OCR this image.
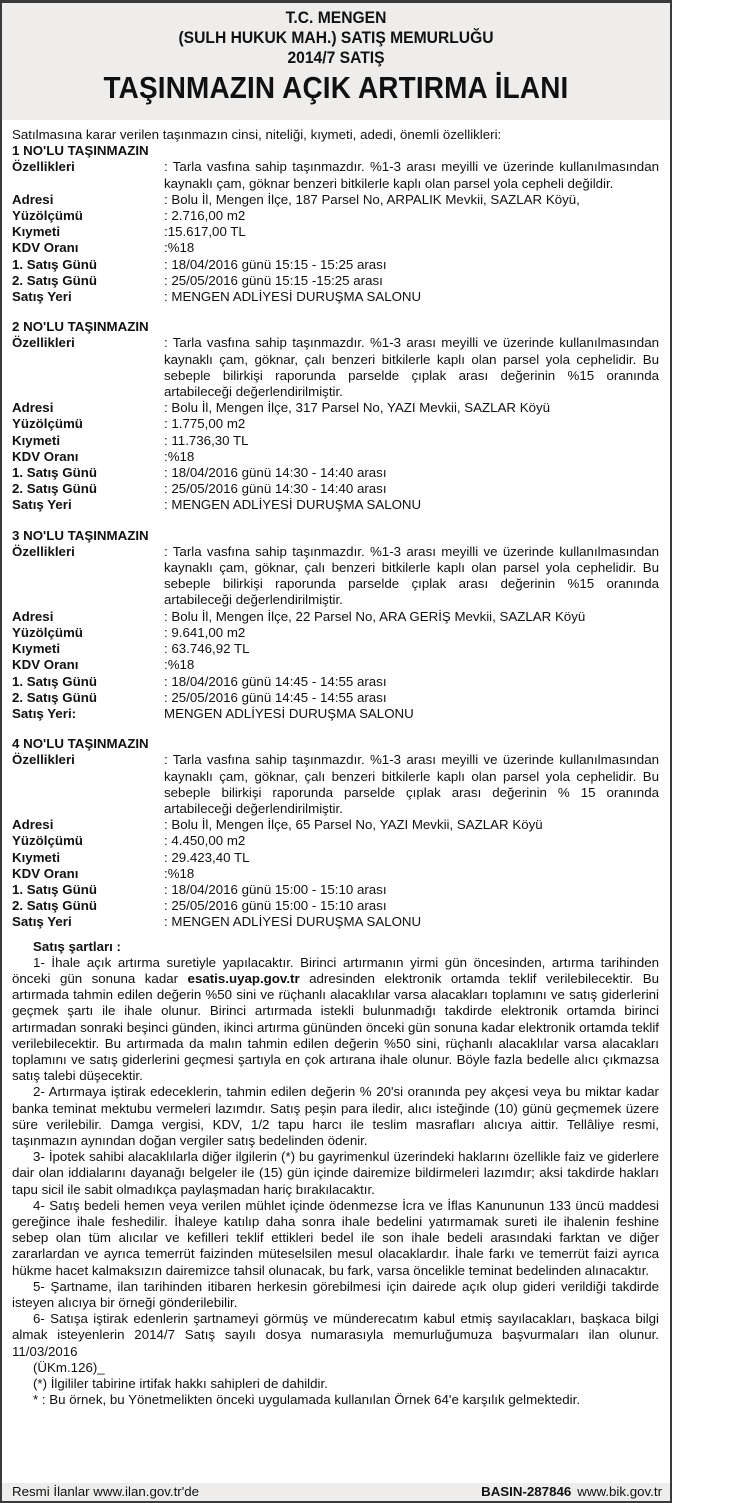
T.C. MENGEN
(SULH HUKUK MAH.) SATIŞ MEMURLUĞU
2014/7 SATIŞ
TAŞINMAZIN AÇIK ARTIRMA İLANI
Satılmasına karar verilen taşınmazın cinsi, niteliği, kıymeti, adedi, önemli özellikleri:
1 NO'LU TAŞINMAZIN
Özellikleri	: Tarla vasfına sahip taşınmazdır. %1-3 arası meyilli ve üzerinde kullanılmasından kaynaklı çam, göknar benzeri bitkilerle kaplı olan parsel yola cepheli değildir.
Adresi	: Bolu İl, Mengen İlçe, 187 Parsel No, ARPALIK Mevkii, SAZLAR Köyü,
Yüzölçümü	: 2.716,00 m2
Kıymeti	:15.617,00 TL
KDV Oranı	:%18
1. Satış Günü	: 18/04/2016 günü 15:15 - 15:25 arası
2. Satış Günü	: 25/05/2016 günü 15:15 -15:25 arası
Satış Yeri	: MENGEN ADLİYESİ DURUŞMA SALONU
2 NO'LU TAŞINMAZIN
Özellikleri	: Tarla vasfına sahip taşınmazdır. %1-3 arası meyilli ve üzerinde kullanılmasından kaynaklı çam, göknar, çalı benzeri bitkilerle kaplı olan parsel yola cephelidir. Bu sebeple bilirkişi raporunda parselde çıplak arası değerinin %15 oranında artabileceği değerlendirilmiştir.
Adresi	: Bolu İl, Mengen İlçe, 317 Parsel No, YAZI Mevkii, SAZLAR Köyü
Yüzölçümü	: 1.775,00 m2
Kıymeti	: 11.736,30 TL
KDV Oranı	:%18
1. Satış Günü	: 18/04/2016 günü 14:30 - 14:40 arası
2. Satış Günü	: 25/05/2016 günü 14:30 - 14:40 arası
Satış Yeri	: MENGEN ADLİYESİ DURUŞMA SALONU
3 NO'LU TAŞINMAZIN
Özellikleri	: Tarla vasfına sahip taşınmazdır. %1-3 arası meyilli ve üzerinde kullanılmasından kaynaklı çam, göknar, çalı benzeri bitkilerle kaplı olan parsel yola cephelidir. Bu sebeple bilirkişi raporunda parselde çıplak arası değerinin %15 oranında artabileceği değerlendirilmiştir.
Adresi	: Bolu İl, Mengen İlçe, 22 Parsel No, ARA GERİŞ Mevkii, SAZLAR Köyü
Yüzölçümü	: 9.641,00 m2
Kıymeti	: 63.746,92 TL
KDV Oranı	:%18
1. Satış Günü	: 18/04/2016 günü 14:45 - 14:55 arası
2. Satış Günü	: 25/05/2016 günü 14:45 - 14:55 arası
Satış Yeri:	MENGEN ADLİYESİ DURUŞMA SALONU
4 NO'LU TAŞINMAZIN
Özellikleri	: Tarla vasfına sahip taşınmazdır. %1-3 arası meyilli ve üzerinde kullanılmasından kaynaklı çam, göknar, çalı benzeri bitkilerle kaplı olan parsel yola cephelidir. Bu sebeple bilirkişi raporunda parselde çıplak arası değerinin % 15 oranında artabileceği değerlendirilmiştir.
Adresi	: Bolu İl, Mengen İlçe, 65 Parsel No, YAZI Mevkii, SAZLAR Köyü
Yüzölçümü	: 4.450,00 m2
Kıymeti	: 29.423,40 TL
KDV Oranı	:%18
1. Satış Günü	: 18/04/2016 günü 15:00 - 15:10 arası
2. Satış Günü	: 25/05/2016 günü 15:00 - 15:10 arası
Satış Yeri	: MENGEN ADLİYESİ DURUŞMA SALONU
Satış şartları :
1- İhale açık artırma suretiyle yapılacaktır. Birinci artırmanın yirmi gün öncesinden, artırma tarihinden önceki gün sonuna kadar esatis.uyap.gov.tr adresinden elektronik ortamda teklif verilebilecektir. Bu artırmada tahmin edilen değerin %50 sini ve rüçhanlı alacaklılar varsa alacakları toplamını ve satış giderlerini geçmek şartı ile ihale olunur. Birinci artırmada istekli bulunmadığı takdirde elektronik ortamda birinci artırmadan sonraki beşinci günden, ikinci artırma gününden önceki gün sonuna kadar elektronik ortamda teklif verilebilecektir. Bu artırmada da malın tahmin edilen değerin %50 sini, rüçhanlı alacaklılar varsa alacakları toplamını ve satış giderlerini geçmesi şartıyla en çok artırana ihale olunur. Böyle fazla bedelle alıcı çıkmazsa satış talebi düşecektir.
2- Artırmaya iştirak edeceklerin, tahmin edilen değerin % 20'si oranında pey akçesi veya bu miktar kadar banka teminat mektubu vermeleri lazımdır. Satış peşin para iledir, alıcı isteğinde (10) günü geçmemek üzere süre verilebilir. Damga vergisi, KDV, 1/2 tapu harcı ile teslim masrafları alıcıya aittir. Tellâliye resmi, taşınmazın aynından doğan vergiler satış bedelinden ödenir.
3- İpotek sahibi alacaklılarla diğer ilgilerin (*) bu gayrimenkul üzerindeki haklarını özellikle faiz ve giderlere dair olan iddialarını dayanağı belgeler ile (15) gün içinde dairemize bildirmeleri lazımdır; aksi takdirde hakları tapu sicil ile sabit olmadıkça paylaşmadan hariç bırakılacaktır.
4- Satış bedeli hemen veya verilen mühlet içinde ödenmezse İcra ve İflas Kanununun 133 üncü maddesi gereğince ihale feshedilir. İhaleye katılıp daha sonra ihale bedelini yatırmamak sureti ile ihalenin feshine sebep olan tüm alıcılar ve kefilleri teklif ettikleri bedel ile son ihale bedeli arasındaki farktan ve diğer zararlardan ve ayrıca temerrüt faizinden müteselsilen mesul olacaklardır. İhale farkı ve temerrüt faizi ayrıca hükme hacet kalmaksızın dairemizce tahsil olunacak, bu fark, varsa öncelikle teminat bedelinden alınacaktır.
5- Şartname, ilan tarihinden itibaren herkesin görebilmesi için dairede açık olup gideri verildiği takdirde isteyen alıcıya bir örneği gönderilebilir.
6- Satışa iştirak edenlerin şartnameyi görmüş ve münderecatım kabul etmiş sayılacakları, başkaca bilgi almak isteyenlerin 2014/7 Satış sayılı dosya numarasıyla memurluğumuza başvurmaları ilan olunur. 11/03/2016
(ÜKm.126)_
(*) İlgililer tabirine irtifak hakkı sahipleri de dahildir.
* : Bu örnek, bu Yönetmelikten önceki uygulamada kullanılan Örnek 64'e karşılık gelmektedir.
Resmi İlanlar www.ilan.gov.tr'de	BASIN-287846 www.bik.gov.tr
